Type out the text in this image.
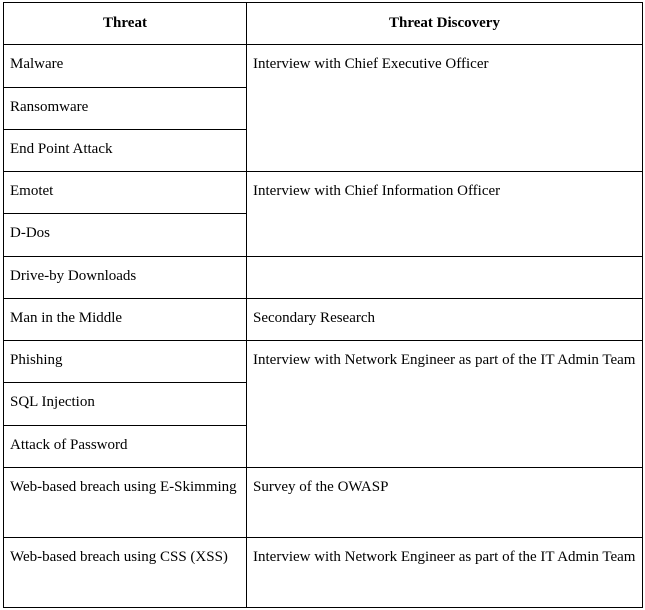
Threat	Threat Discovery
Malware	Interview with Chief Executive Officer
Ransomware	
End Point Attack	
Emotet	Interview with Chief Information Officer
D-Dos	
Drive-by Downloads	
Man in the Middle	Secondary Research
Phishing	Interview with Network Engineer as part of the IT Admin Team
SQL Injection	
Attack of Password	
Web-based breach using E-Skimming	Survey of the OWASP
Web-based breach using CSS (XSS)	Interview with Network Engineer as part of the IT Admin Team
